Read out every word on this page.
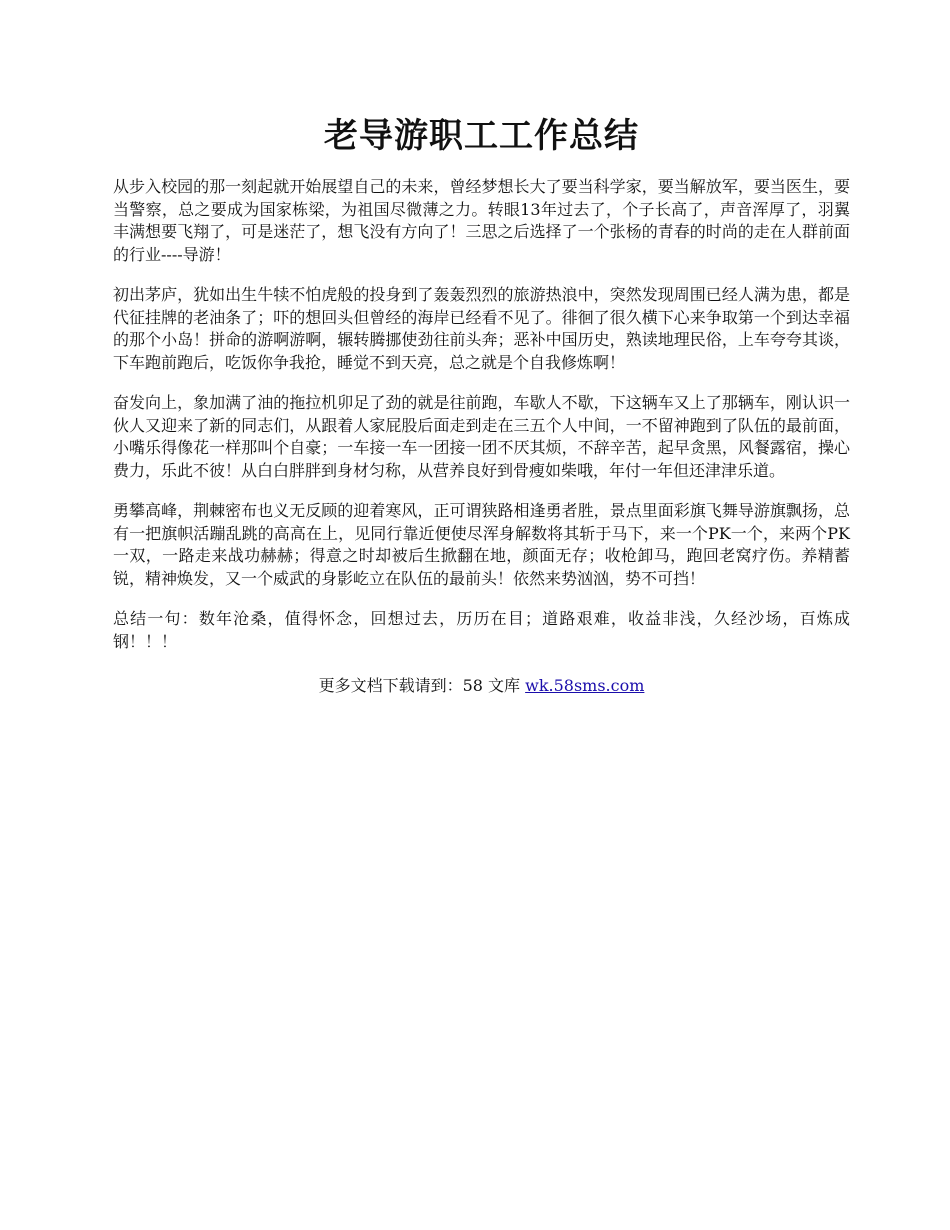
老导游职工工作总结

从步入校园的那一刻起就开始展望自己的未来，曾经梦想长大了要当科学家，要当解放军，要当医生，要当警察，总之要成为国家栋梁，为祖国尽微薄之力。转眼13年过去了，个子长高了，声音浑厚了，羽翼丰满想要飞翔了，可是迷茫了，想飞没有方向了！三思之后选择了一个张杨的青春的时尚的走在人群前面的行业----导游！

初出茅庐，犹如出生牛犊不怕虎般的投身到了轰轰烈烈的旅游热浪中，突然发现周围已经人满为患，都是代征挂牌的老油条了；吓的想回头但曾经的海岸已经看不见了。徘徊了很久横下心来争取第一个到达幸福的那个小岛！拼命的游啊游啊，辗转腾挪使劲往前头奔；恶补中国历史，熟读地理民俗，上车夸夸其谈，下车跑前跑后，吃饭你争我抢，睡觉不到天亮，总之就是个自我修炼啊！

奋发向上，象加满了油的拖拉机卯足了劲的就是往前跑，车歇人不歇，下这辆车又上了那辆车，刚认识一伙人又迎来了新的同志们，从跟着人家屁股后面走到走在三五个人中间，一不留神跑到了队伍的最前面，小嘴乐得像花一样那叫个自豪；一车接一车一团接一团不厌其烦，不辞辛苦，起早贪黑，风餐露宿，操心费力，乐此不彼！从白白胖胖到身材匀称，从营养良好到骨瘦如柴哦，年付一年但还津津乐道。

勇攀高峰，荆棘密布也义无反顾的迎着寒风，正可谓狭路相逢勇者胜，景点里面彩旗飞舞导游旗飘扬，总有一把旗帜活蹦乱跳的高高在上，见同行靠近便使尽浑身解数将其斩于马下，来一个PK一个，来两个PK一双，一路走来战功赫赫；得意之时却被后生掀翻在地，颜面无存；收枪卸马，跑回老窝疗伤。养精蓄锐，精神焕发，又一个威武的身影屹立在队伍的最前头！依然来势汹汹，势不可挡！

总结一句：数年沧桑，值得怀念，回想过去，历历在目；道路艰难，收益非浅，久经沙场，百炼成钢！！！

更多文档下载请到：58 文库 wk.58sms.com
